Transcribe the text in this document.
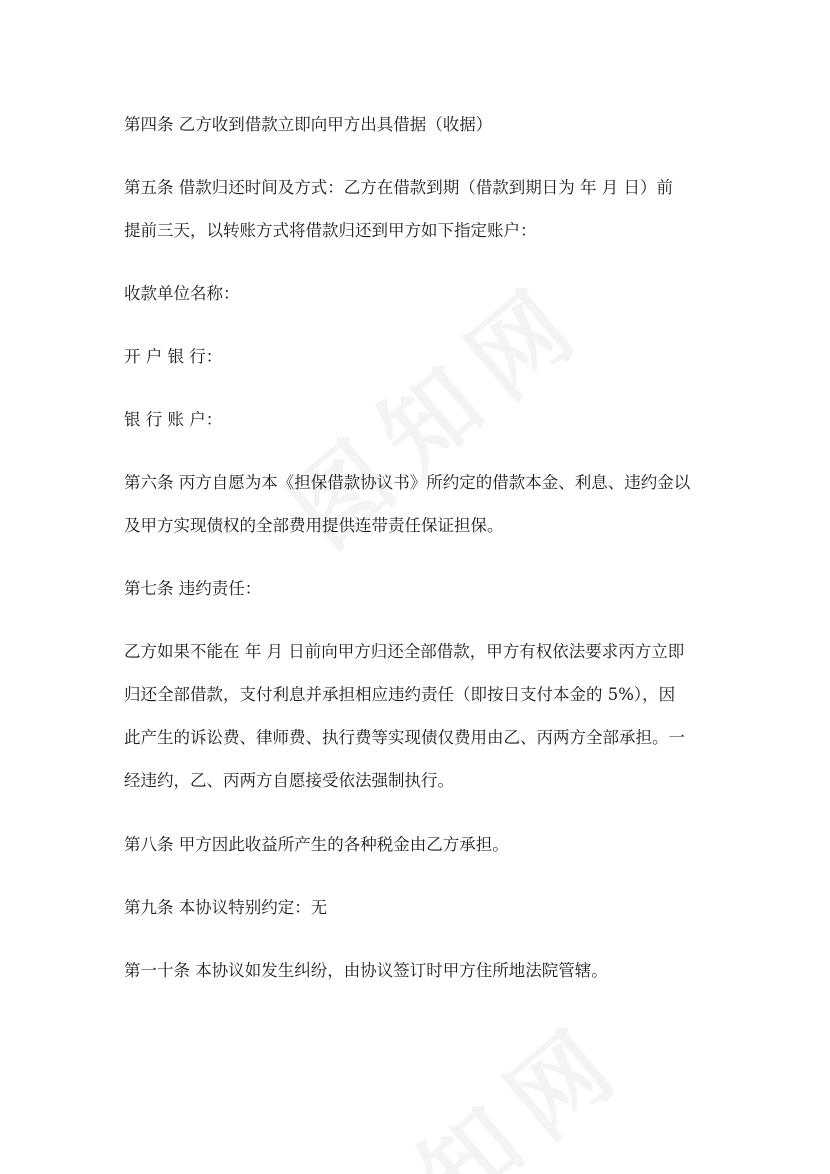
第四条 乙方收到借款立即向甲方出具借据（收据）
第五条 借款归还时间及方式：乙方在借款到期（借款到期日为 年 月 日）前
提前三天，以转账方式将借款归还到甲方如下指定账户：
收款单位名称：
开 户 银 行：
银 行 账 户：
第六条 丙方自愿为本《担保借款协议书》所约定的借款本金、利息、违约金以
及甲方实现债权的全部费用提供连带责任保证担保。
第七条 违约责任：
乙方如果不能在 年 月 日前向甲方归还全部借款，甲方有权依法要求丙方立即
归还全部借款，支付利息并承担相应违约责任（即按日支付本金的 5%），因
此产生的诉讼费、律师费、执行费等实现债仅费用由乙、丙两方全部承担。一
经违约，乙、丙两方自愿接受依法强制执行。
第八条 甲方因此收益所产生的各种税金由乙方承担。
第九条 本协议特别约定：无
第一十条 本协议如发生纠纷，由协议签订时甲方住所地法院管辖。
